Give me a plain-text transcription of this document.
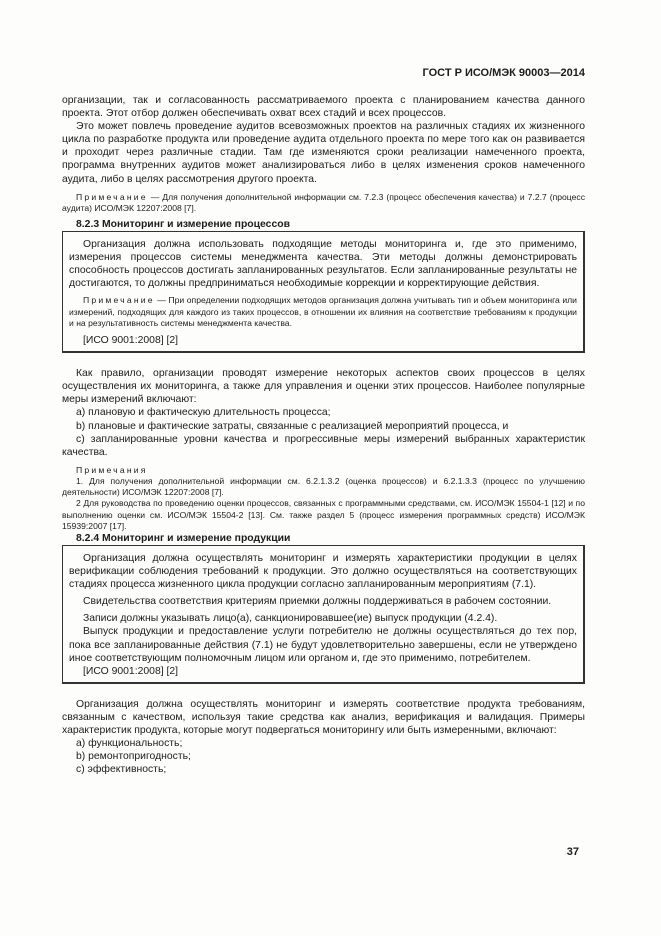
ГОСТ Р ИСО/МЭК 90003—2014

организации, так и согласованность рассматриваемого проекта с планированием качества данного проекта. Этот отбор должен обеспечивать охват всех стадий и всех процессов.

Это может повлечь проведение аудитов всевозможных проектов на различных стадиях их жизненного цикла по разработке продукта или проведение аудита отдельного проекта по мере того как он развивается и проходит через различные стадии. Там где изменяются сроки реализации намеченного проекта, программа внутренних аудитов может анализироваться либо в целях изменения сроков намеченного аудита, либо в целях рассмотрения другого проекта.

Примечание — Для получения дополнительной информации см. 7.2.3 (процесс обеспечения качества) и 7.2.7 (процесс аудита) ИСО/МЭК 12207:2008 [7].

8.2.3 Мониторинг и измерение процессов

Организация должна использовать подходящие методы мониторинга и, где это применимо, измерения процессов системы менеджмента качества. Эти методы должны демонстрировать способность процессов достигать запланированных результатов. Если запланированные результаты не достигаются, то должны предприниматься необходимые коррекции и корректирующие действия.

Примечание — При определении подходящих методов организация должна учитывать тип и объем мониторинга или измерений, подходящих для каждого из таких процессов, в отношении их влияния на соответствие требованиям к продукции и на результативность системы менеджмента качества.

[ИСО 9001:2008] [2]

Как правило, организации проводят измерение некоторых аспектов своих процессов в целях осуществления их мониторинга, а также для управления и оценки этих процессов. Наиболее популярные меры измерений включают:

a) плановую и фактическую длительность процесса;

b) плановые и фактические затраты, связанные с реализацией мероприятий процесса, и

c) запланированные уровни качества и прогрессивные меры измерений выбранных характеристик качества.

Примечания

1. Для получения дополнительной информации см. 6.2.1.3.2 (оценка процессов) и 6.2.1.3.3 (процесс по улучшению деятельности) ИСО/МЭК 12207:2008 [7].

2 Для руководства по проведению оценки процессов, связанных с программными средствами, см. ИСО/МЭК 15504-1 [12] и по выполнению оценки см. ИСО/МЭК 15504-2 [13]. См. также раздел 5 (процесс измерения программных средств) ИСО/МЭК 15939:2007 [17].

8.2.4 Мониторинг и измерение продукции

Организация должна осуществлять мониторинг и измерять характеристики продукции в целях верификации соблюдения требований к продукции. Это должно осуществляться на соответствующих стадиях процесса жизненного цикла продукции согласно запланированным мероприятиям (7.1).

Свидетельства соответствия критериям приемки должны поддерживаться в рабочем состоянии.

Записи должны указывать лицо(а), санкционировавшее(ие) выпуск продукции (4.2.4).

Выпуск продукции и предоставление услуги потребителю не должны осуществляться до тех пор, пока все запланированные действия (7.1) не будут удовлетворительно завершены, если не утверждено иное соответствующим полномочным лицом или органом и, где это применимо, потребителем.

[ИСО 9001:2008] [2]

Организация должна осуществлять мониторинг и измерять соответствие продукта требованиям, связанным с качеством, используя такие средства как анализ, верификация и валидация. Примеры характеристик продукта, которые могут подвергаться мониторингу или быть измеренными, включают:

a) функциональность;

b) ремонтопригодность;

c) эффективность;

37
